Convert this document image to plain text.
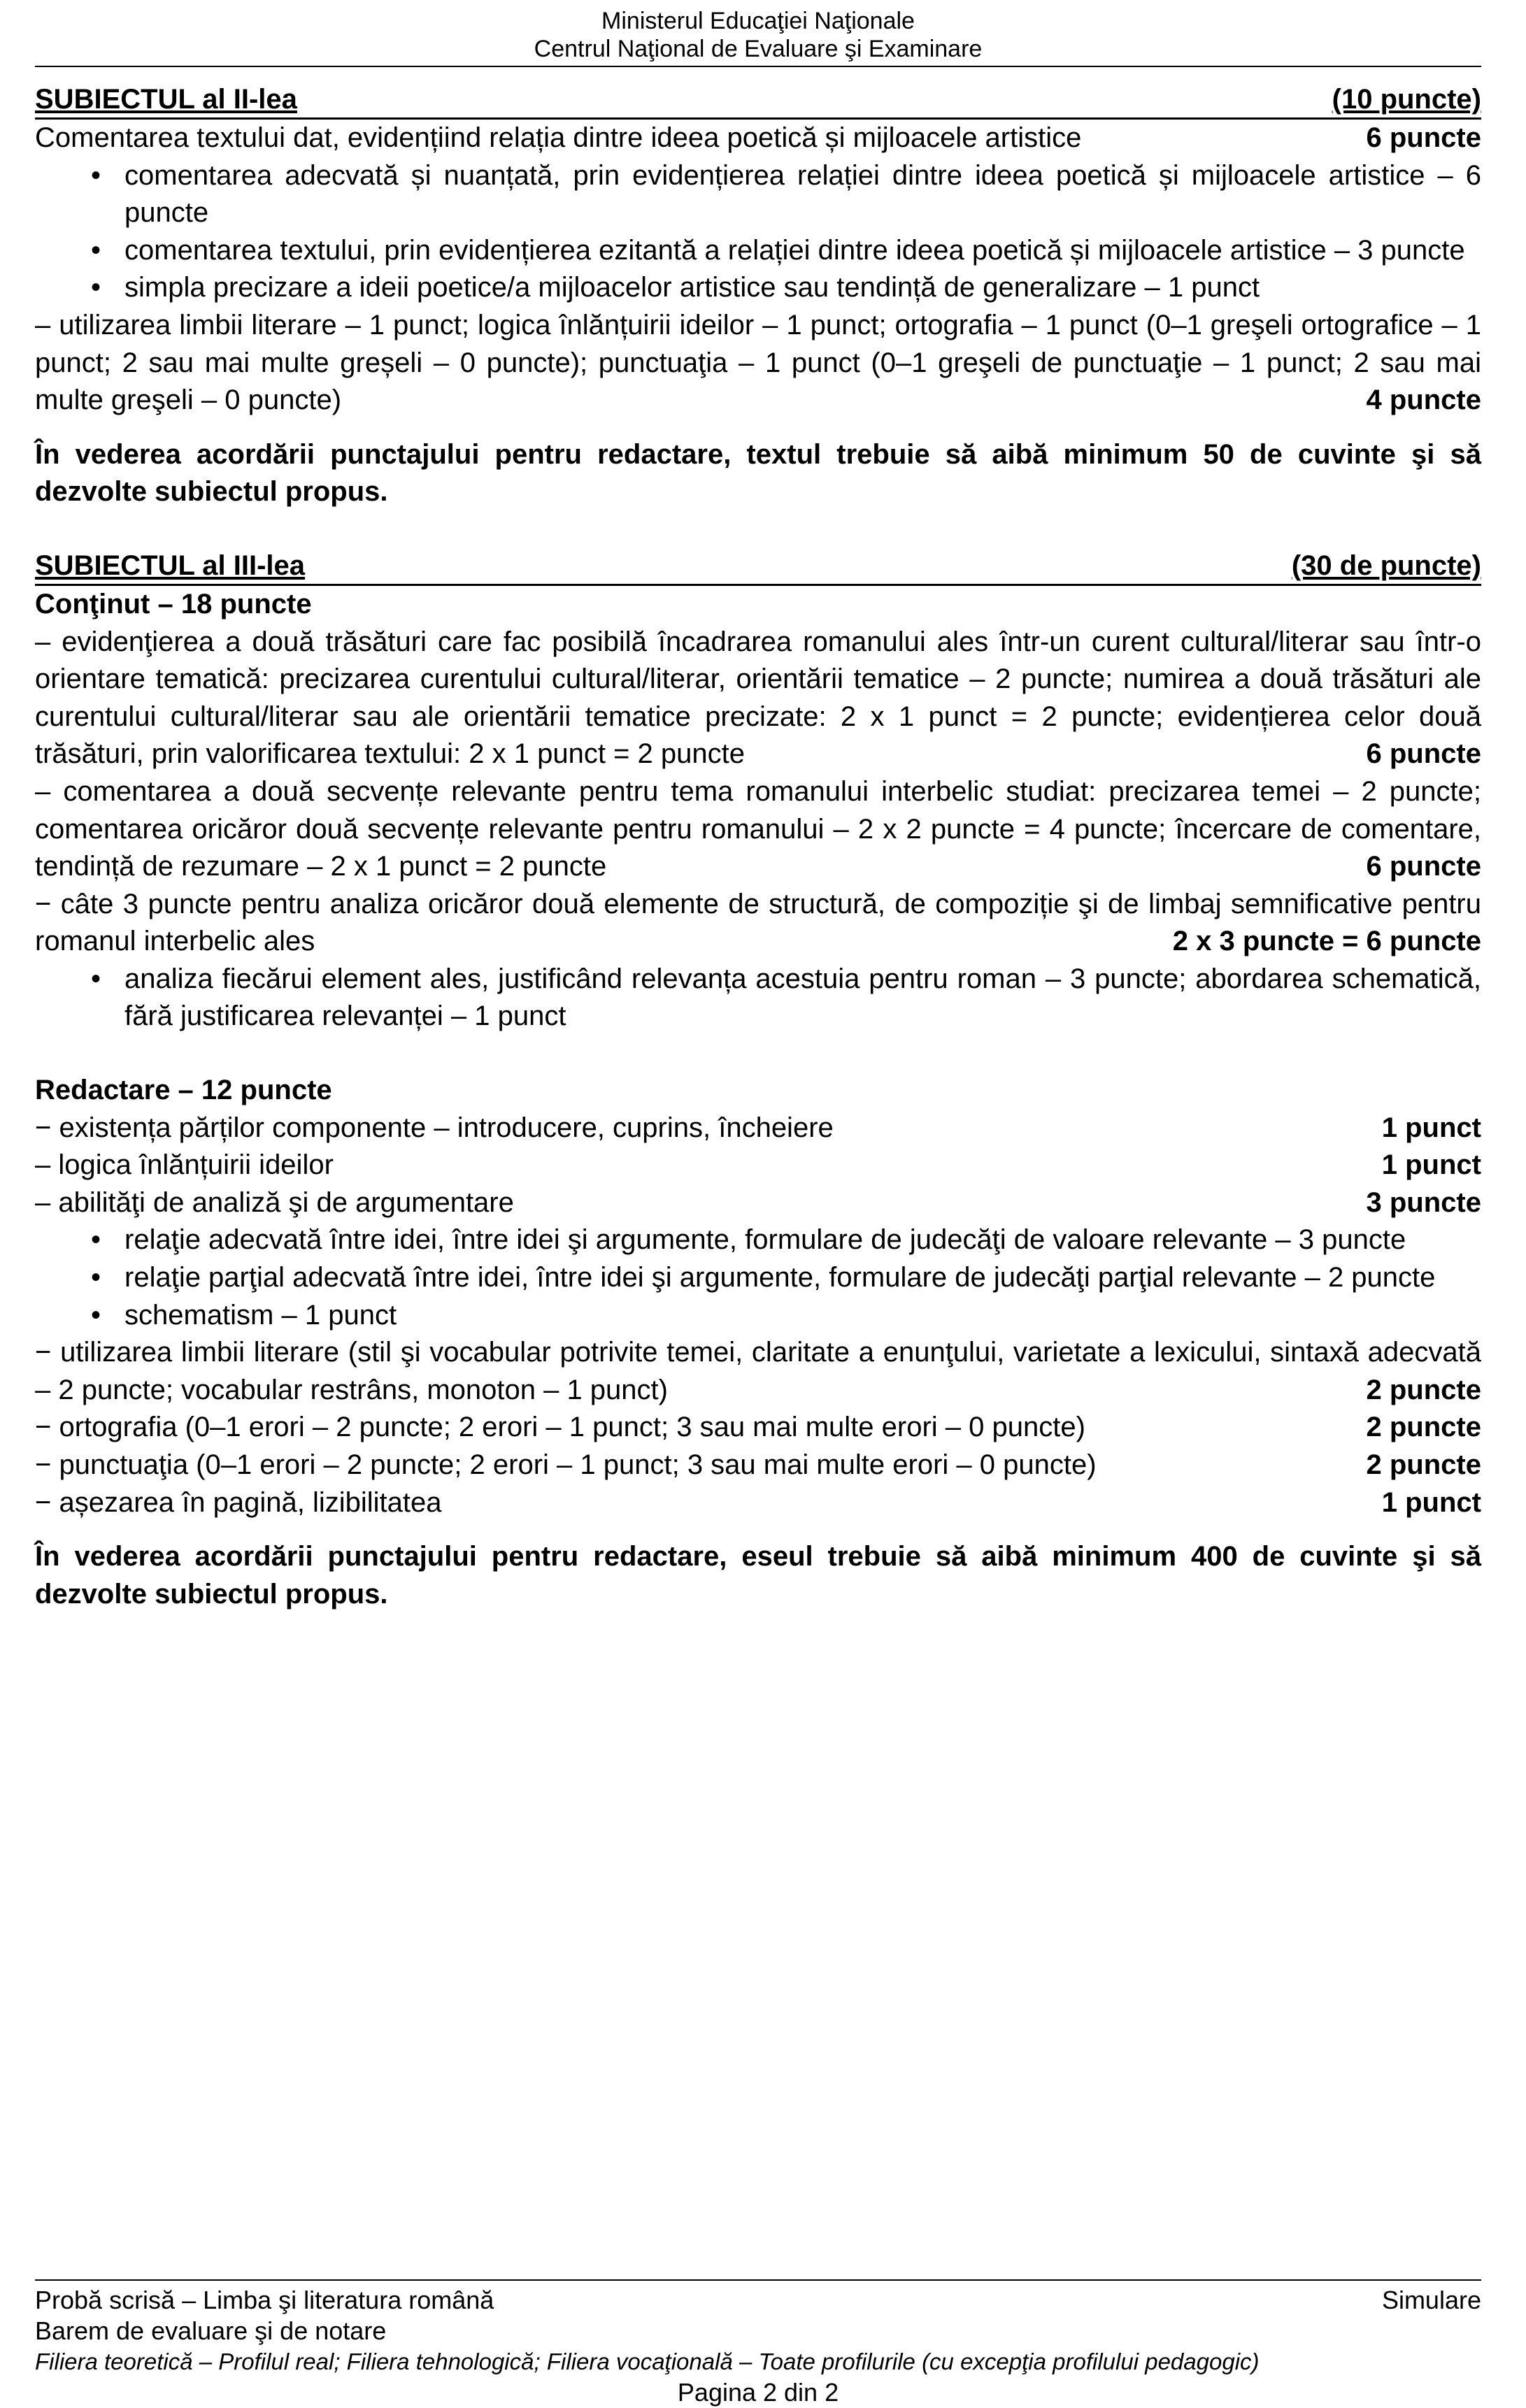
Ministerul Educaţiei Naţionale
Centrul Naţional de Evaluare şi Examinare
SUBIECTUL al II-lea	(10 puncte)
Comentarea textului dat, evidențiind relația dintre ideea poetică și mijloacele artistice	6 puncte
• comentarea adecvată și nuanțată, prin evidențierea relației dintre ideea poetică și mijloacele artistice – 6 puncte
• comentarea textului, prin evidențierea ezitantă a relației dintre ideea poetică și mijloacele artistice – 3 puncte
• simpla precizare a ideii poetice/a mijloacelor artistice sau tendință de generalizare – 1 punct

– utilizarea limbii literare – 1 punct; logica înlănțuirii ideilor – 1 punct; ortografia – 1 punct (0–1 greşeli ortografice – 1 punct; 2 sau mai multe greșeli – 0 puncte); punctuaţia – 1 punct (0–1 greşeli de punctuaţie – 1 punct; 2 sau mai multe greşeli – 0 puncte)	4 puncte

În vederea acordării punctajului pentru redactare, textul trebuie să aibă minimum 50 de cuvinte şi să dezvolte subiectul propus.

SUBIECTUL al III-lea	(30 de puncte)

Conţinut – 18 puncte

– evidenţierea a două trăsături care fac posibilă încadrarea romanului ales într-un curent cultural/literar sau într-o orientare tematică: precizarea curentului cultural/literar, orientării tematice – 2 puncte; numirea a două trăsături ale curentului cultural/literar sau ale orientării tematice precizate: 2 x 1 punct = 2 puncte; evidențierea celor două trăsături, prin valorificarea textului: 2 x 1 punct = 2 puncte	6 puncte

– comentarea a două secvențe relevante pentru tema romanului interbelic studiat: precizarea temei – 2 puncte; comentarea oricăror două secvențe relevante pentru romanului – 2 x 2 puncte = 4 puncte; încercare de comentare, tendință de rezumare – 2 x 1 punct = 2 puncte	6 puncte

− câte 3 puncte pentru analiza oricăror două elemente de structură, de compoziție şi de limbaj semnificative pentru romanul interbelic ales	2 x 3 puncte = 6 puncte

• analiza fiecărui element ales, justificând relevanța acestuia pentru roman – 3 puncte; abordarea schematică, fără justificarea relevanței – 1 punct

Redactare – 12 puncte

− existența părților componente – introducere, cuprins, încheiere	1 punct
– logica înlănțuirii ideilor	1 punct
– abilităţi de analiză şi de argumentare	3 puncte
• relaţie adecvată între idei, între idei şi argumente, formulare de judecăţi de valoare relevante – 3 puncte
• relaţie parţial adecvată între idei, între idei şi argumente, formulare de judecăţi parţial relevante – 2 puncte
• schematism – 1 punct

− utilizarea limbii literare (stil şi vocabular potrivite temei, claritate a enunţului, varietate a lexicului, sintaxă adecvată – 2 puncte; vocabular restrâns, monoton – 1 punct)	2 puncte

− ortografia (0–1 erori – 2 puncte; 2 erori – 1 punct; 3 sau mai multe erori – 0 puncte)	2 puncte
− punctuaţia (0–1 erori – 2 puncte; 2 erori – 1 punct; 3 sau mai multe erori – 0 puncte)	2 puncte
− așezarea în pagină, lizibilitatea	1 punct

În vederea acordării punctajului pentru redactare, eseul trebuie să aibă minimum 400 de cuvinte şi să dezvolte subiectul propus.

Probă scrisă – Limba şi literatura română	Simulare
Barem de evaluare şi de notare
Filiera teoretică – Profilul real; Filiera tehnologică; Filiera vocaţională – Toate profilurile (cu excepţia profilului pedagogic)
Pagina 2 din 2
